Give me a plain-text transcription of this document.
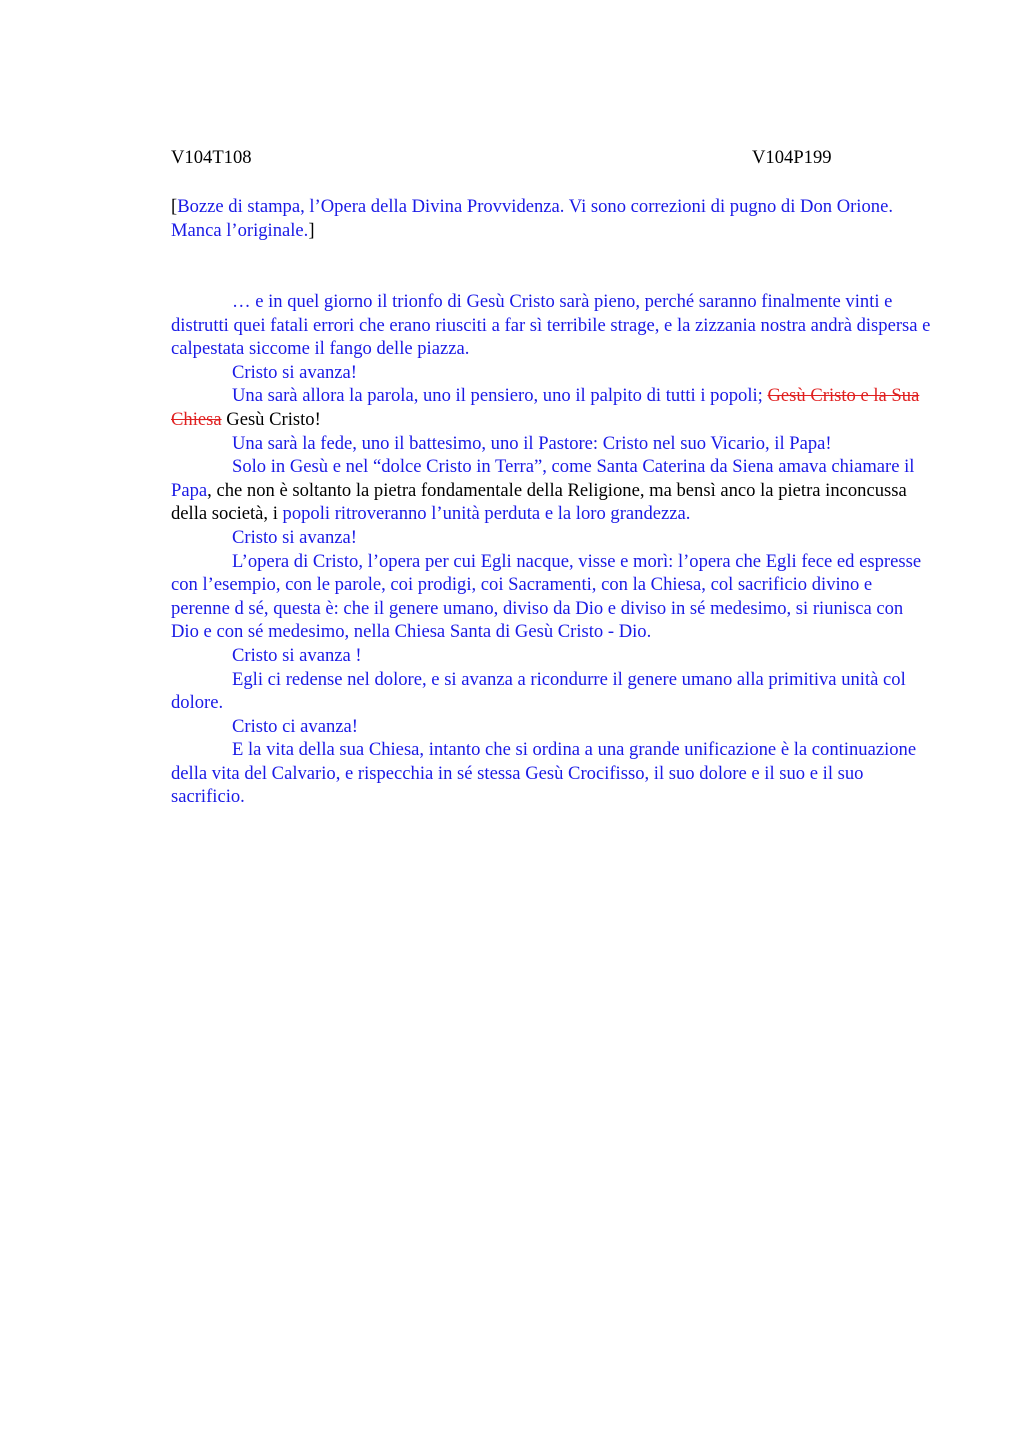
V104T108	V104P199
[Bozze di stampa, l’Opera della Divina Provvidenza. Vi sono correzioni di pugno di Don Orione. Manca l’originale.]

… e in quel giorno il trionfo di Gesù Cristo sarà pieno, perché saranno finalmente vinti e distrutti quei fatali errori che erano riusciti a far sì terribile strage, e la zizzania nostra andrà dispersa e calpestata siccome il fango delle piazza.

Cristo si avanza!

Una sarà allora la parola, uno il pensiero, uno il palpito di tutti i popoli; Gesù Cristo e la Sua Chiesa Gesù Cristo!

Una sarà la fede, uno il battesimo, uno il Pastore: Cristo nel suo Vicario, il Papa!

Solo in Gesù e nel “dolce Cristo in Terra”, come Santa Caterina da Siena amava chiamare il Papa, che non è soltanto la pietra fondamentale della Religione, ma bensì anco la pietra inconcussa della società, i popoli ritroveranno l’unità perduta e la loro grandezza.

Cristo si avanza!

L’opera di Cristo, l’opera per cui Egli nacque, visse e morì: l’opera che Egli fece ed espresse con l’esempio, con le parole, coi prodigi, coi Sacramenti, con la Chiesa, col sacrificio divino e perenne d sé, questa è: che il genere umano, diviso da Dio e diviso in sé medesimo, si riunisca con Dio e con sé medesimo, nella Chiesa Santa di Gesù Cristo - Dio.

Cristo si avanza !

Egli ci redense nel dolore, e si avanza a ricondurre il genere umano alla primitiva unità col dolore.

Cristo ci avanza!

E la vita della sua Chiesa, intanto che si ordina a una grande unificazione è la continuazione della vita del Calvario, e rispecchia in sé stessa Gesù Crocifisso, il suo dolore e il suo e il suo sacrificio.
